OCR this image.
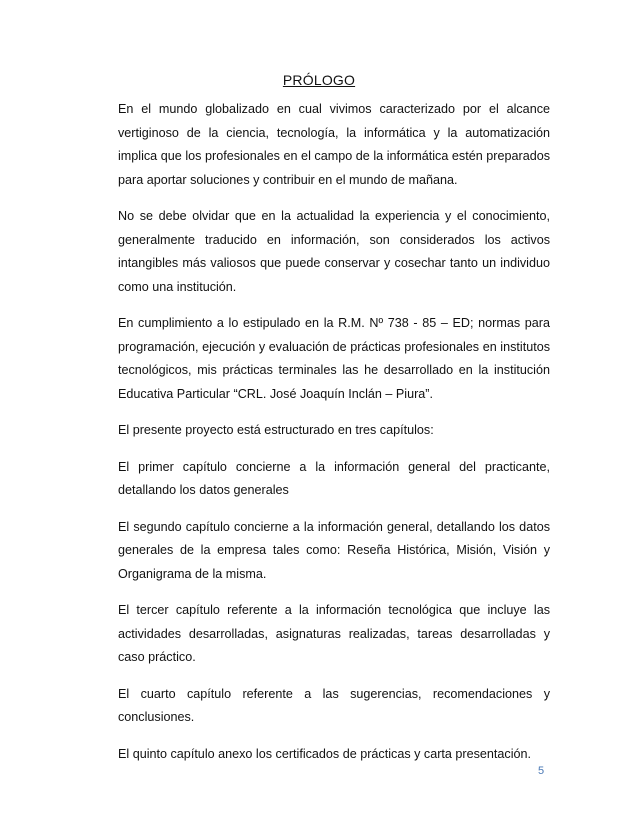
PRÓLOGO

En el mundo globalizado en cual vivimos caracterizado por el alcance vertiginoso de la ciencia, tecnología, la informática y la automatización implica que los profesionales en el campo de la informática estén preparados para aportar soluciones y contribuir en el mundo de mañana.

No se debe olvidar que en la actualidad la experiencia y el conocimiento, generalmente traducido en información, son considerados los activos intangibles más valiosos que puede conservar y cosechar tanto un individuo como una institución.

En cumplimiento a lo estipulado en la R.M. Nº 738 - 85 – ED; normas para programación, ejecución y evaluación de prácticas profesionales en institutos tecnológicos, mis prácticas terminales las he desarrollado en la institución Educativa Particular “CRL. José Joaquín Inclán – Piura”.

El presente proyecto está estructurado en tres capítulos:

El primer capítulo concierne a la información general del practicante, detallando los datos generales

El segundo capítulo concierne a la información general, detallando los datos generales de la empresa tales como: Reseña Histórica, Misión, Visión y Organigrama de la misma.

El tercer capítulo referente a la información tecnológica que incluye las actividades desarrolladas, asignaturas realizadas, tareas desarrolladas y caso práctico.

El cuarto capítulo referente a las sugerencias, recomendaciones y conclusiones.

El quinto capítulo anexo los certificados de prácticas y carta presentación.

5
